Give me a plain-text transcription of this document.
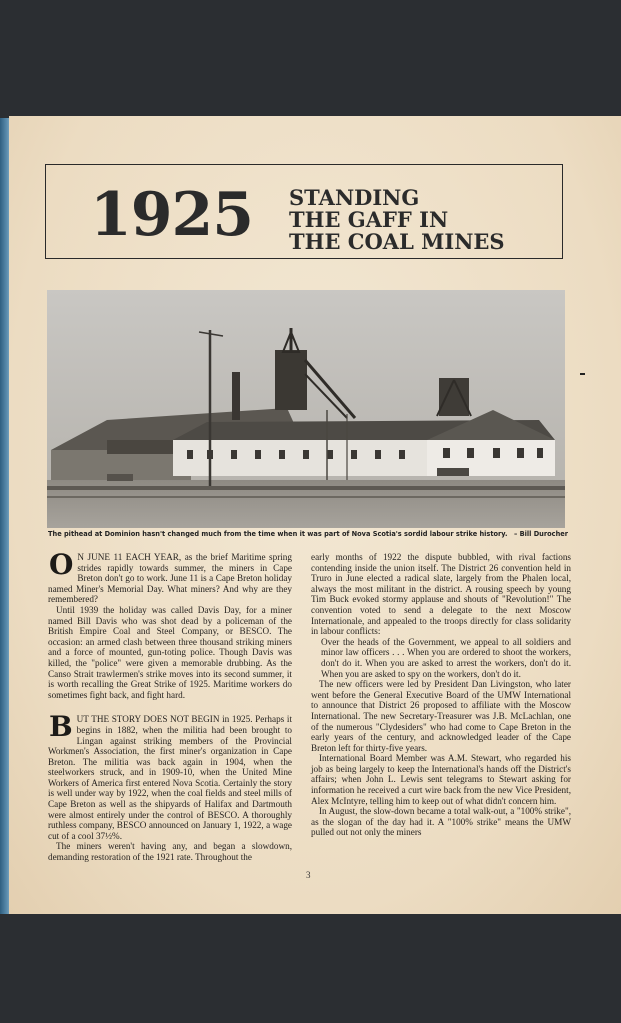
1925 STANDING
THE GAFF IN
THE COAL MINES
The pithead at Dominion hasn't changed much from the time when it was part of Nova Scotia's sordid labour strike history. – Bill Durocher

O N JUNE 11 EACH YEAR, as the brief Maritime spring strides rapidly towards summer, the miners in Cape Breton don't go to work. June 11 is a Cape Breton holiday named Miner's Memorial Day. What miners? And why are they remembered?

Until 1939 the holiday was called Davis Day, for a miner named Bill Davis who was shot dead by a policeman of the British Empire Coal and Steel Company, or BESCO. The occasion: an armed clash between three thousand striking miners and a force of mounted, gun-toting police. Though Davis was killed, the "police" were given a memorable drubbing. As the Canso Strait trawlermen's strike moves into its second summer, it is worth recalling the Great Strike of 1925. Maritime workers do sometimes fight back, and fight hard.

BUT THE STORY DOES NOT BEGIN in 1925. Perhaps it begins in 1882, when the militia had been brought to Lingan against striking members of the Provincial Workmen's Association, the first miner's organization in Cape Breton. The militia was back again in 1904, when the steelworkers struck, and in 1909-10, when the United Mine Workers of America first entered Nova Scotia. Certainly the story is well under way by 1922, when the coal fields and steel mills of Cape Breton as well as the shipyards of Halifax and Dartmouth were almost entirely under the control of BESCO. A thoroughly ruthless company, BESCO announced on January 1, 1922, a wage cut of a cool 37½%.

The miners weren't having any, and began a slowdown, demanding restoration of the 1921 rate. Throughout the

early months of 1922 the dispute bubbled, with rival factions contending inside the union itself. The District 26 convention held in Truro in June elected a radical slate, largely from the Phalen local, always the most militant in the district. A rousing speech by young Tim Buck evoked stormy applause and shouts of "Revolution!" The convention voted to send a delegate to the next Moscow Internationale, and appealed to the troops directly for class solidarity in labour conflicts:

Over the heads of the Government, we appeal to all soldiers and minor law officers . . . When you are ordered to shoot the workers, don't do it. When you are asked to arrest the workers, don't do it. When you are asked to spy on the workers, don't do it.

The new officers were led by President Dan Livingston, who later went before the General Executive Board of the UMW International to announce that District 26 proposed to affiliate with the Moscow International. The new Secretary-Treasurer was J.B. McLachlan, one of the numerous "Clydesiders" who had come to Cape Breton in the early years of the century, and acknowledged leader of the Cape Breton left for thirty-five years.

International Board Member was A.M. Stewart, who regarded his job as being largely to keep the International's hands off the District's affairs; when John L. Lewis sent telegrams to Stewart asking for information he received a curt wire back from the new Vice President, Alex McIntyre, telling him to keep out of what didn't concern him.

In August, the slow-down became a total walk-out, a "100% strike", as the slogan of the day had it. A "100% strike" means the UMW pulled out not only the miners

3
